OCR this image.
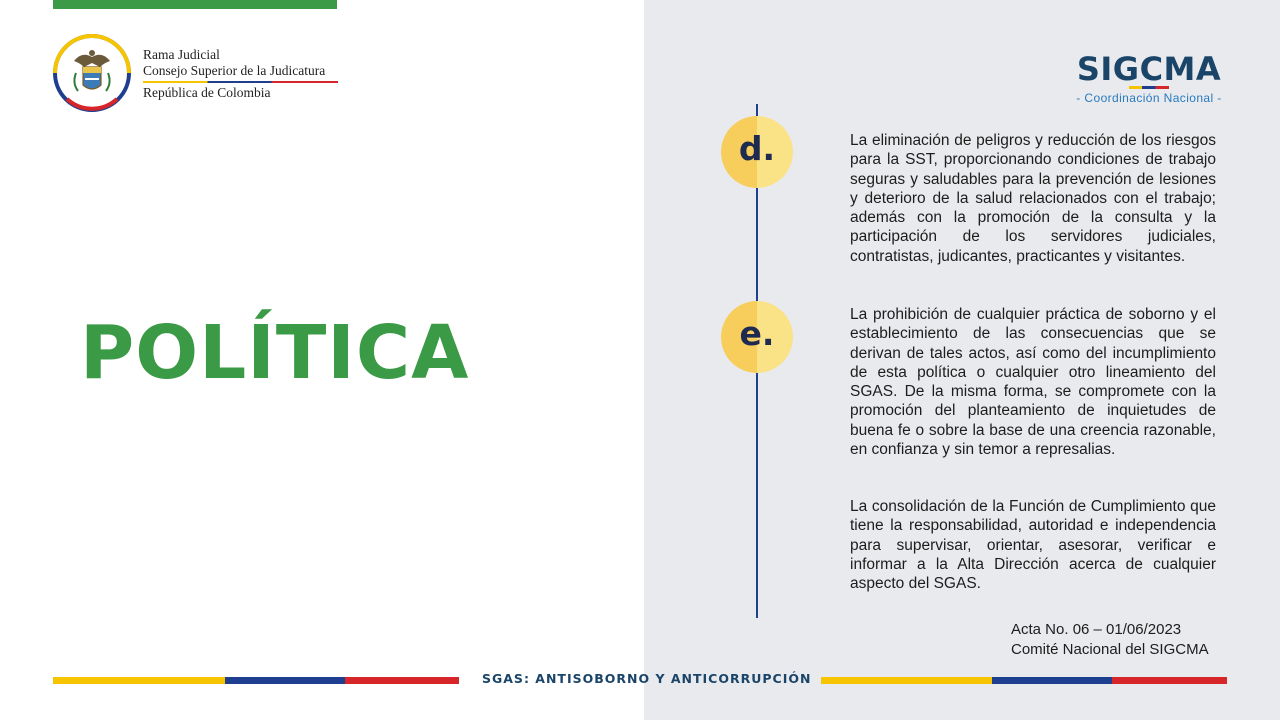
Rama Judicial
Consejo Superior de la Judicatura
República de Colombia
SIGCMA
- Coordinación Nacional -
POLÍTICA
d.
e.
La eliminación de peligros y reducción de los riesgos para la SST, proporcionando condiciones de trabajo seguras y saludables para la prevención de lesiones y deterioro de la salud relacionados con el trabajo; además con la promoción de la consulta y la participación de los servidores judiciales, contratistas, judicantes, practicantes y visitantes.
La prohibición de cualquier práctica de soborno y el establecimiento de las consecuencias que se derivan de tales actos, así como del incumplimiento de esta política o cualquier otro lineamiento del SGAS. De la misma forma, se compromete con la promoción del planteamiento de inquietudes de buena fe o sobre la base de una creencia razonable, en confianza y sin temor a represalias.
La consolidación de la Función de Cumplimiento que tiene la responsabilidad, autoridad e independencia para supervisar, orientar, asesorar, verificar e informar a la Alta Dirección acerca de cualquier aspecto del SGAS.
Acta No. 06 – 01/06/2023
Comité Nacional del SIGCMA
SGAS: ANTISOBORNO Y ANTICORRUPCIÓN
